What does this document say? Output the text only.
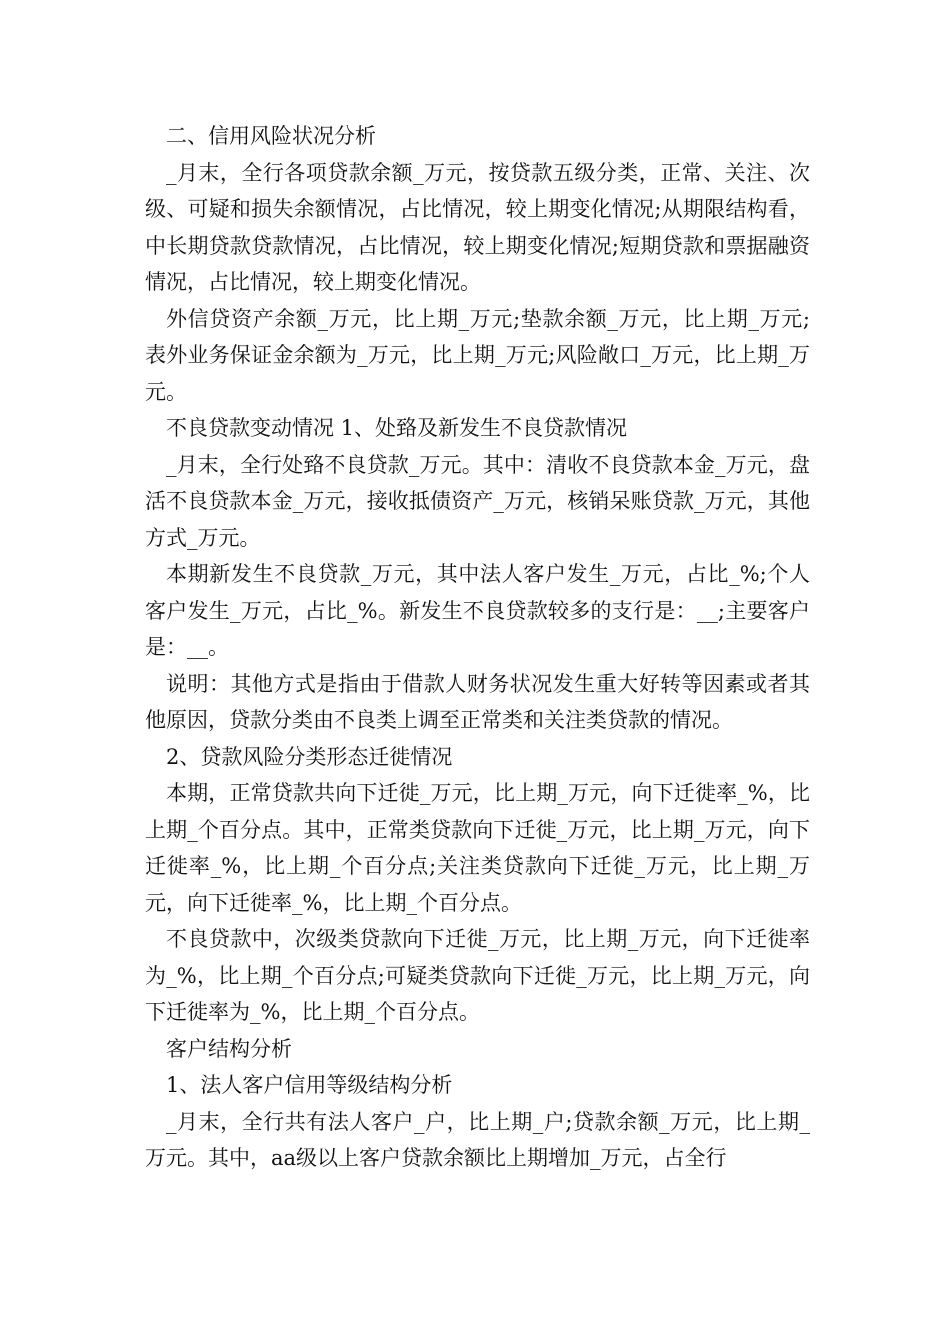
二、信用风险状况分析

_月末，全行各项贷款余额_万元，按贷款五级分类，正常、关注、次级、可疑和损失余额情况，占比情况，较上期变化情况;从期限结构看，中长期贷款贷款情况，占比情况，较上期变化情况;短期贷款和票据融资情况，占比情况，较上期变化情况。

外信贷资产余额_万元，比上期_万元;垫款余额_万元，比上期_万元;表外业务保证金余额为_万元，比上期_万元;风险敞口_万元，比上期_万元。

不良贷款变动情况 1、处臵及新发生不良贷款情况

_月末，全行处臵不良贷款_万元。其中：清收不良贷款本金_万元，盘活不良贷款本金_万元，接收抵债资产_万元，核销呆账贷款_万元，其他方式_万元。

本期新发生不良贷款_万元，其中法人客户发生_万元，占比_%;个人客户发生_万元，占比_%。新发生不良贷款较多的支行是：__;主要客户是：__。

说明：其他方式是指由于借款人财务状况发生重大好转等因素或者其他原因，贷款分类由不良类上调至正常类和关注类贷款的情况。

2、贷款风险分类形态迁徙情况

本期，正常贷款共向下迁徙_万元，比上期_万元，向下迁徙率_%，比上期_个百分点。其中，正常类贷款向下迁徙_万元，比上期_万元，向下迁徙率_%，比上期_个百分点;关注类贷款向下迁徙_万元，比上期_万元，向下迁徙率_%，比上期_个百分点。

不良贷款中，次级类贷款向下迁徙_万元，比上期_万元，向下迁徙率为_%，比上期_个百分点;可疑类贷款向下迁徙_万元，比上期_万元，向下迁徙率为_%，比上期_个百分点。

客户结构分析

1、法人客户信用等级结构分析

_月末，全行共有法人客户_户，比上期_户;贷款余额_万元，比上期_万元。其中，aa级以上客户贷款余额比上期增加_万元，占全行
